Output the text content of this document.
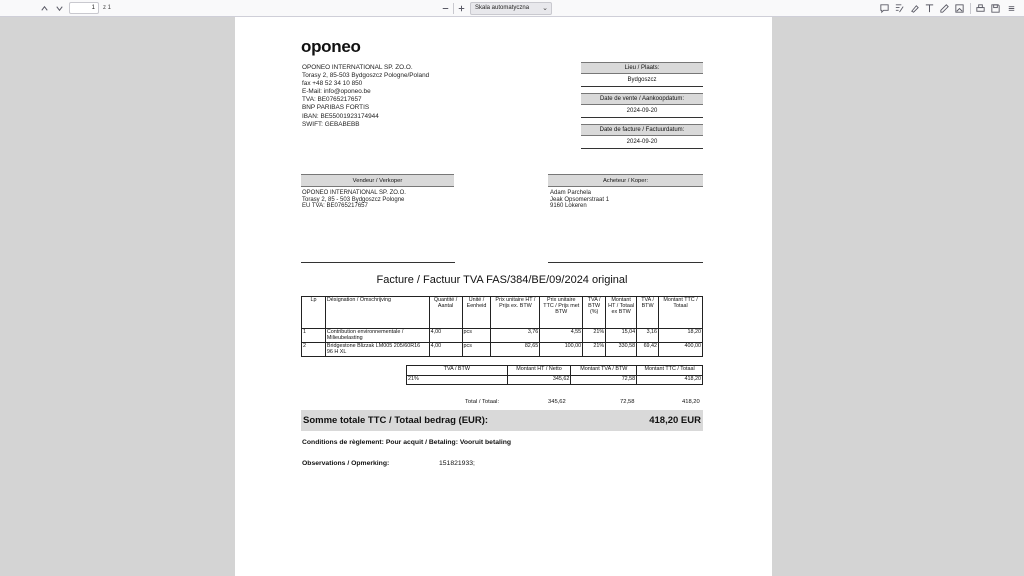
1	z 1	Skala automatyczna ⌄
oponeo
OPONEO INTERNATIONAL SP. ZO.O.
Torasy 2, 85-503 Bydgoszcz Pologne/Poland
fax +48 52 34 10 850
E-Mail: info@oponeo.be
TVA: BE0765217657
BNP PARIBAS FORTIS
IBAN: BE55001923174944
SWIFT: GEBABEBB
Lieu / Plaats:
Bydgoszcz
Date de vente / Aankoopdatum:
2024-09-20
Date de facture / Factuurdatum:
2024-09-20
Vendeur / Verkoper
OPONEO INTERNATIONAL SP. ZO.O.
Torasy 2, 85 - 503 Bydgoszcz Pologne
EU TVA: BE0765217657
Acheteur / Koper:
Adam Parchela
Jeak Opsomerstraat 1
9160 Lokeren
Facture / Factuur TVA FAS/384/BE/09/2024 original
Lp	Désignation / Omschrijving	Quantité / Aantal	Unité / Eenheid	Prix unitaire HT / Prijs ex. BTW	Prix unitaire TTC / Prijs met BTW	TVA / BTW (%)	Montant HT / Totaal ex BTW	TVA / BTW	Montant TTC / Totaal
1	Contribution environnementale / Milieubelasting	4,00	pcs	3,76	4,55	21%	15,04	3,16	18,20
2	Bridgestone Blizzak LM005 205/60R16 96 H XL	4,00	pcs	82,65	100,00	21%	330,58	69,42	400,00
TVA / BTW	Montant HT / Netto	Montant TVA / BTW	Montant TTC / Totaal
21%	345,62	72,58	418,20
Total / Totaal:	345,62	72,58	418,20
Somme totale TTC / Totaal bedrag (EUR):	418,20 EUR
Conditions de règlement: Pour acquit / Betaling: Vooruit betaling
Observations / Opmerking:	151821933;
